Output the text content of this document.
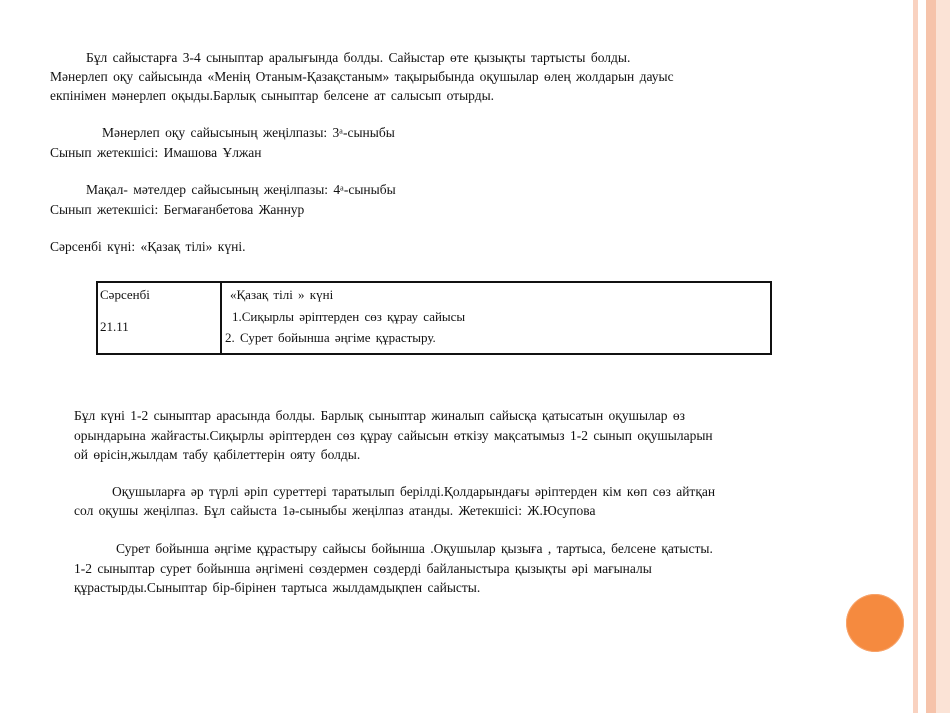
Бұл сайыстарға 3-4 сыныптар аралығында болды. Сайыстар өте қызықты тартысты болды.
Мәнерлеп оқу сайысында «Менің Отаным-Қазақстаным» тақырыбында оқушылар өлең жолдарын дауыс
екпінімен мәнерлеп оқыды.Барлық сыныптар белсене ат салысып отырды.
Мәнерлеп оқу сайысының жеңілпазы: 3ᵃ-сыныбы
Сынып жетекшісі: Имашова Ұлжан
Мақал- мәтелдер сайысының жеңілпазы: 4ᵃ-сыныбы
Сынып жетекшісі: Бегмағанбетова Жаннур
Сәрсенбі күні: «Қазақ тілі» күні.
Сәрсенбі
21.11
«Қазақ тілі » күні
1.Сиқырлы әріптерден сөз құрау сайысы
2. Сурет бойынша әңгіме құрастыру.
Бұл күні 1-2 сыныптар арасында болды. Барлық сыныптар жиналып сайысқа қатысатын оқушылар өз
орындарына жайғасты.Сиқырлы әріптерден сөз құрау сайысын өткізу мақсатымыз 1-2 сынып оқушыларын
ой өрісін,жылдам табу қабілеттерін ояту болды.
Оқушыларға әр түрлі әріп суреттері таратылып берілді.Қолдарындағы әріптерден кім көп сөз айтқан
сол оқушы жеңілпаз. Бұл сайыста 1ә-сыныбы жеңілпаз атанды. Жетекшісі: Ж.Юсупова
Сурет бойынша әңгіме құрастыру сайысы бойынша .Оқушылар қызыға , тартыса, белсене қатысты.
1-2 сыныптар сурет бойынша әңгімені сөздермен сөздерді байланыстыра қызықты әрі мағыналы
құрастырды.Сыныптар бір-бірінен тартыса жылдамдықпен сайысты.
